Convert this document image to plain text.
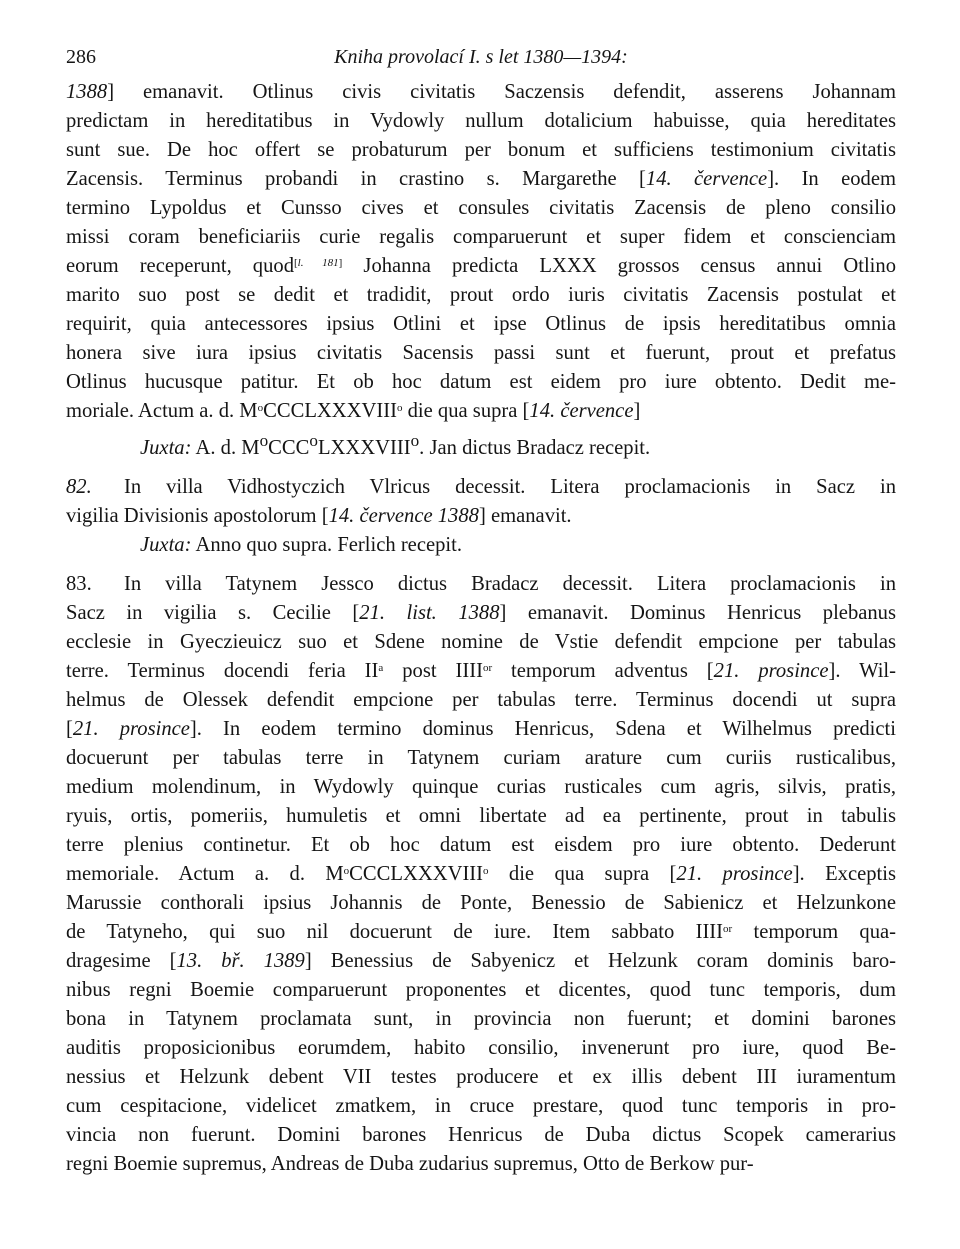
286	Kniha provolací I. s let 1380—1394:
1388] emanavit. Otlinus civis civitatis Saczensis defendit, asserens Johannam
predictam in hereditatibus in Vydowly nullum dotalicium habuisse, quia hereditates
sunt sue. De hoc offert se probaturum per bonum et sufficiens testimonium civitatis
Zacensis. Terminus probandi in crastino s. Margarethe [14. července]. In eodem
termino Lypoldus et Cunsso cives et consules civitatis Zacensis de pleno consilio
missi coram beneficiariis curie regalis comparuerunt et super fidem et conscienciam
eorum receperunt, quod[l. 181] Johanna predicta LXXX grossos census annui Otlino
marito suo post se dedit et tradidit, prout ordo iuris civitatis Zacensis postulat et
requirit, quia antecessores ipsius Otlini et ipse Otlinus de ipsis hereditatibus omnia
honera sive iura ipsius civitatis Sacensis passi sunt et fuerunt, prout et prefatus
Otlinus hucusque patitur. Et ob hoc datum est eidem pro iure obtento. Dedit me-
moriale. Actum a. d. $M^oCCCLXXXVIII^o$ die qua supra [14. července]
Juxta: A. d. $M^oCCC^oLXXXVIII^o$. Jan dictus Bradacz recepit.
82. In villa Vidhostyczich Vlricus decessit. Litera proclamacionis in Sacz in
vigilia Divisionis apostolorum [14. července 1388] emanavit.
Juxta: Anno quo supra. Ferlich recepit.
83. In villa Tatynem Jessco dictus Bradacz decessit. Litera proclamacionis in
Sacz in vigilia s. Cecilie [21. list. 1388] emanavit. Dominus Henricus plebanus
ecclesie in Gyeczieuicz suo et Sdene nomine de Vstie defendit empcione per tabulas
terre. Terminus docendi feria $II^a$ post $IIII^{or}$ temporum adventus [21. prosince]. Wil-
helmus de Olessek defendit empcione per tabulas terre. Terminus docendi ut supra
[21. prosince]. In eodem termino dominus Henricus, Sdena et Wilhelmus predicti
docuerunt per tabulas terre in Tatynem curiam arature cum curiis rusticalibus,
medium molendinum, in Wydowly quinque curias rusticales cum agris, silvis, pratis,
ryuis, ortis, pomeriis, humuletis et omni libertate ad ea pertinente, prout in tabulis
terre plenius continetur. Et ob hoc datum est eisdem pro iure obtento. Dederunt
memoriale. Actum a. d. $M^oCCCLXXXVIII^o$ die qua supra [21. prosince]. Exceptis
Marussie conthorali ipsius Johannis de Ponte, Benessio de Sabienicz et Helzunkone
de Tatyneho, qui suo nil docuerunt de iure. Item sabbato $IIII^{or}$ temporum qua-
dragesime [13. bř. 1389] Benessius de Sabyenicz et Helzunk coram dominis baro-
nibus regni Boemie comparuerunt proponentes et dicentes, quod tunc temporis, dum
bona in Tatynem proclamata sunt, in provincia non fuerunt; et domini barones
auditis proposicionibus eorumdem, habito consilio, invenerunt pro iure, quod Be-
nessius et Helzunk debent VII testes producere et ex illis debent III iuramentum
cum cespitacione, videlicet zmatkem, in cruce prestare, quod tunc temporis in pro-
vincia non fuerunt. Domini barones Henricus de Duba dictus Scopek camerarius
regni Boemie supremus, Andreas de Duba zudarius supremus, Otto de Berkow pur-
